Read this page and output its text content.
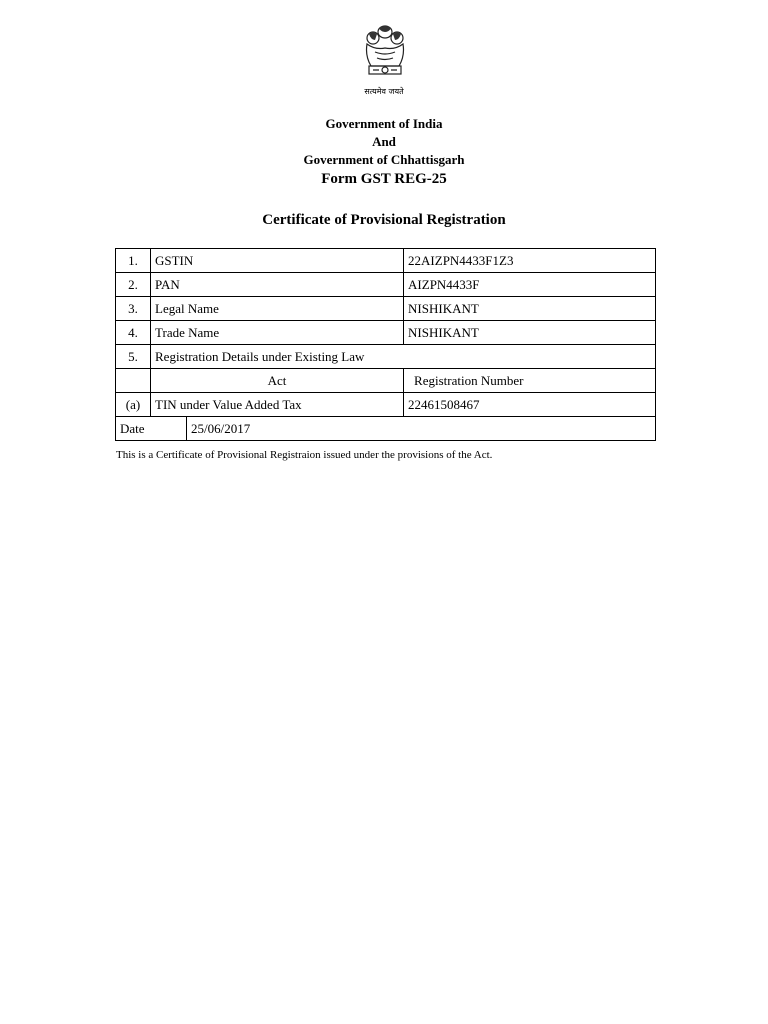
सत्यमेव जयते
Government of India
And
Government of Chhattisgarh
Form GST REG-25
Certificate of Provisional Registration
1.	GSTIN		22AIZPN4433F1Z3
2.	PAN		AIZPN4433F
3.	Legal Name		NISHIKANT
4.	Trade Name		NISHIKANT
5.	Registration Details under Existing Law		
	Act		Registration Number
(a)	TIN under Value Added Tax		22461508467
Date		25/06/2017	
This is a Certificate of Provisional Registraion issued under the provisions of the Act.
